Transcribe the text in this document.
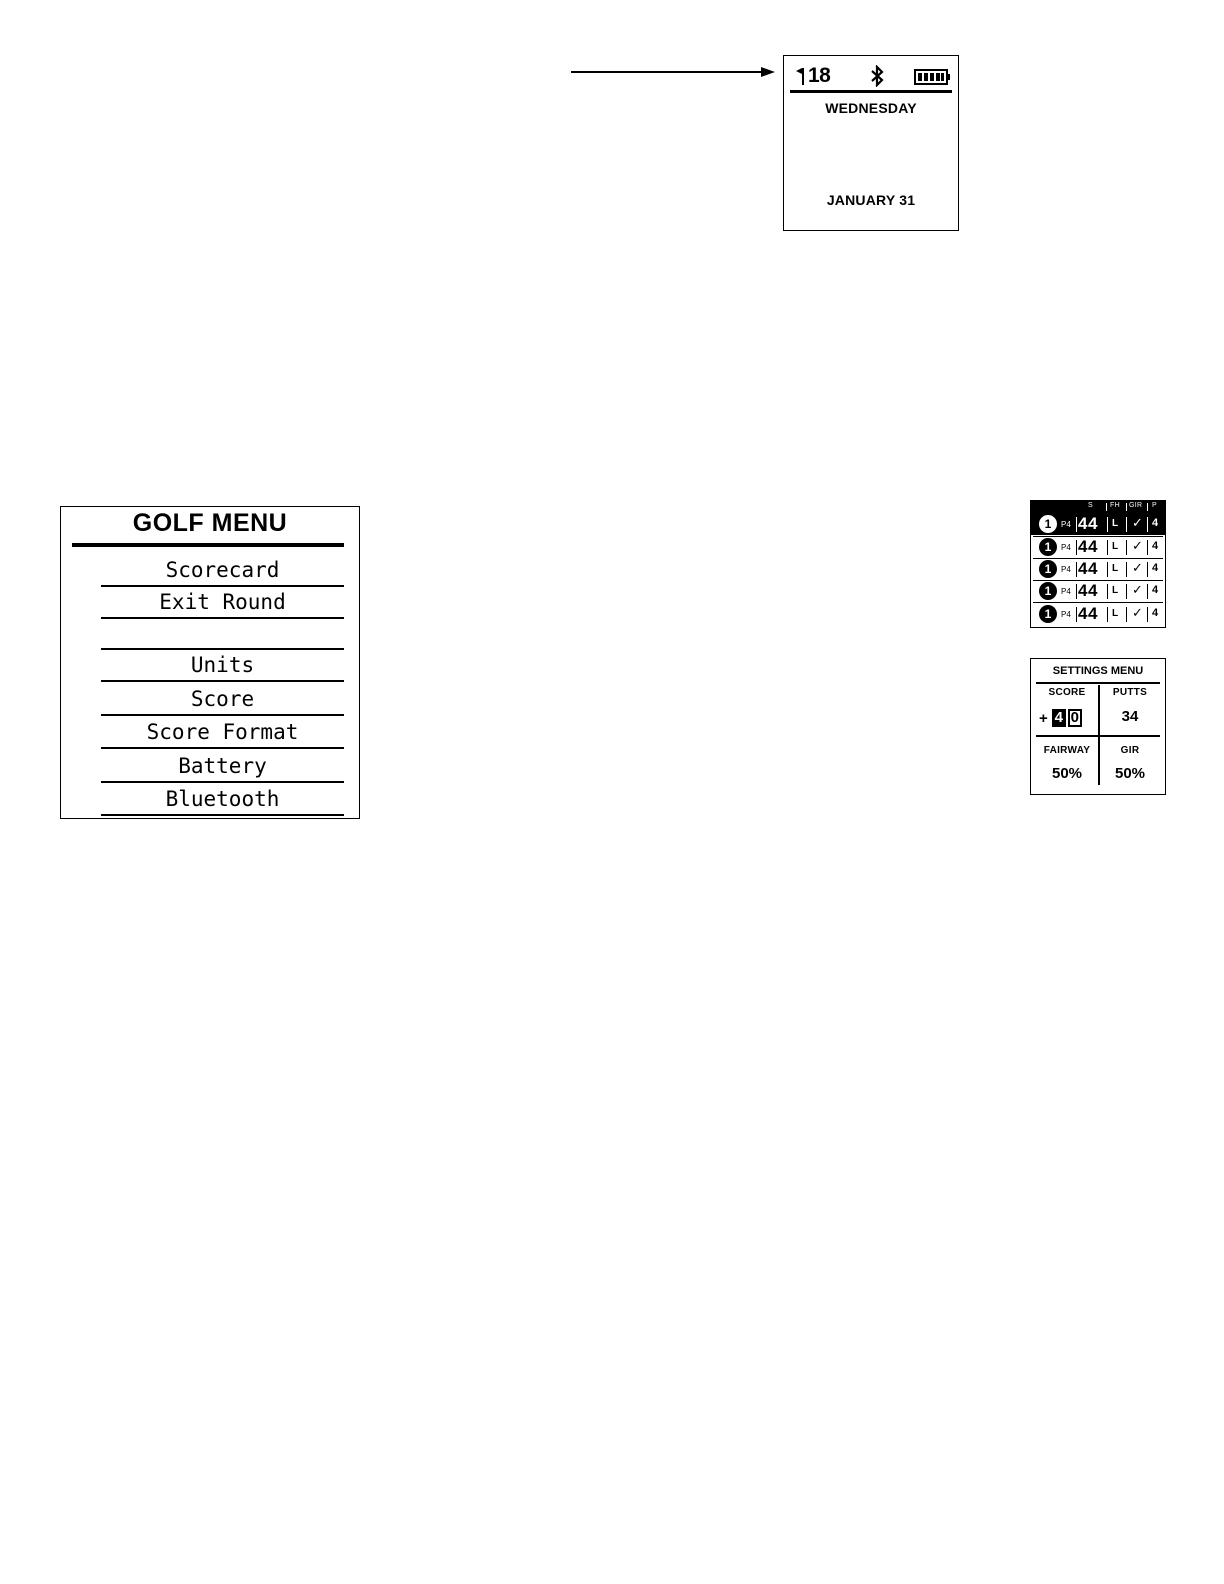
18
WEDNESDAY
JANUARY 31
GOLF MENU
Scorecard
Exit Round
Units
Score
Score Format
Battery
Bluetooth
S FH GIR P
1	P4 44 L ✓ 4
1	P4 44 L ✓ 4
1	P4 44 L ✓ 4
1	P4 44 L ✓ 4
1	P4 44 L ✓ 4
SETTINGS MENU
SCORE
+ 4 0
PUTTS
34
FAIRWAY
50%
GIR
50%
